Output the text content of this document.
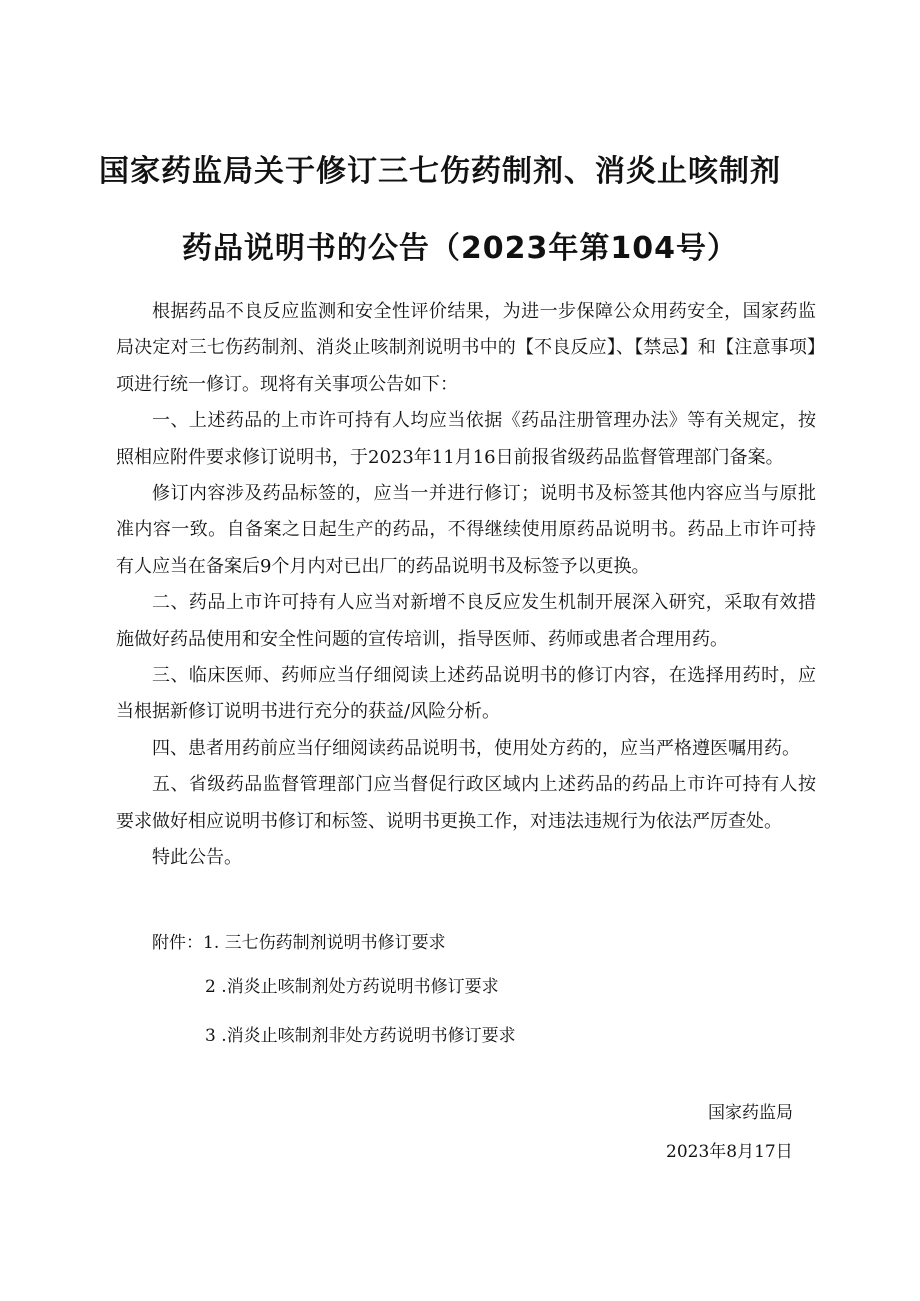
国家药监局关于修订三七伤药制剂、消炎止咳制剂
药品说明书的公告（2023年第104号）

根据药品不良反应监测和安全性评价结果，为进一步保障公众用药安全，国家药监局决定对三七伤药制剂、消炎止咳制剂说明书中的【不良反应】、【禁忌】和【注意事项】项进行统一修订。现将有关事项公告如下：

一、上述药品的上市许可持有人均应当依据《药品注册管理办法》等有关规定，按照相应附件要求修订说明书，于2023年11月16日前报省级药品监督管理部门备案。

修订内容涉及药品标签的，应当一并进行修订；说明书及标签其他内容应当与原批准内容一致。自备案之日起生产的药品，不得继续使用原药品说明书。药品上市许可持有人应当在备案后9个月内对已出厂的药品说明书及标签予以更换。

二、药品上市许可持有人应当对新增不良反应发生机制开展深入研究，采取有效措施做好药品使用和安全性问题的宣传培训，指导医师、药师或患者合理用药。

三、临床医师、药师应当仔细阅读上述药品说明书的修订内容，在选择用药时，应当根据新修订说明书进行充分的获益/风险分析。

四、患者用药前应当仔细阅读药品说明书，使用处方药的，应当严格遵医嘱用药。

五、省级药品监督管理部门应当督促行政区域内上述药品的药品上市许可持有人按要求做好相应说明书修订和标签、说明书更换工作，对违法违规行为依法严厉查处。

特此公告。

附件：1. 三七伤药制剂说明书修订要求
2 .消炎止咳制剂处方药说明书修订要求
3 .消炎止咳制剂非处方药说明书修订要求
国家药监局
2023年8月17日
